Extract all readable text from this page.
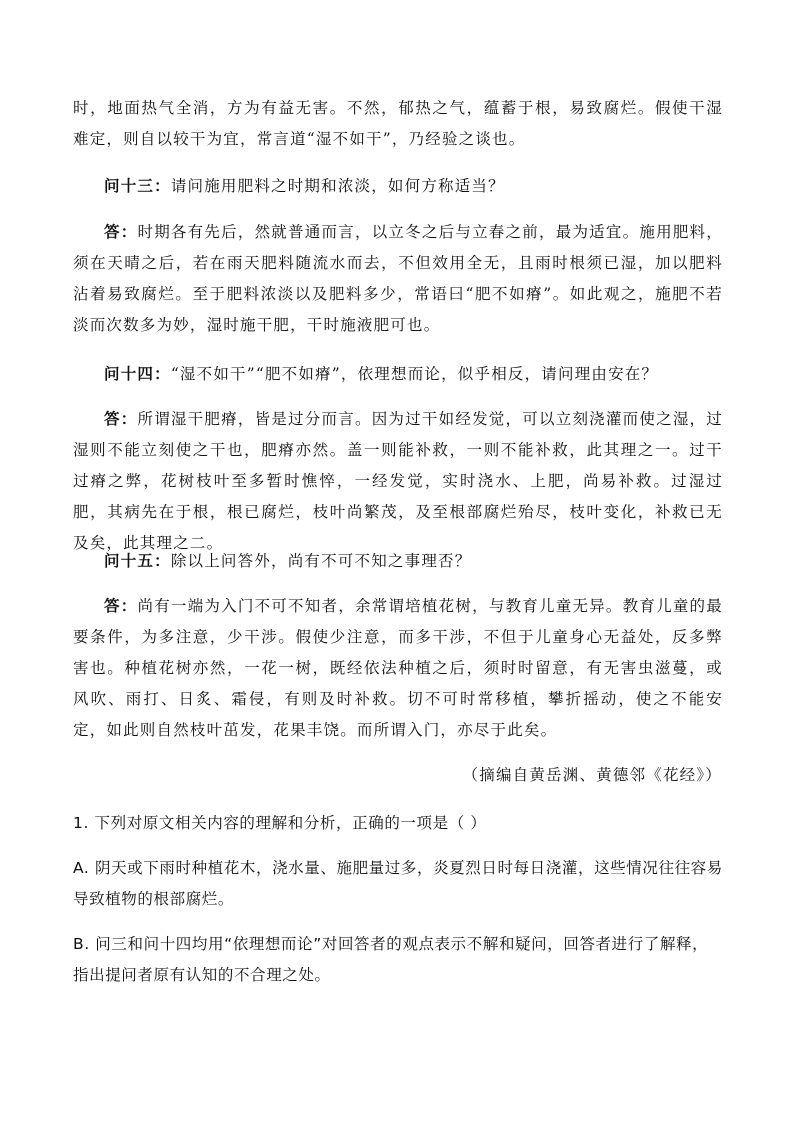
时，地面热气全消，方为有益无害。不然，郁热之气，蕴蓄于根，易致腐烂。假使干湿难定，则自以较干为宜，常言道“湿不如干”，乃经验之谈也。

问十三：请问施用肥料之时期和浓淡，如何方称适当？

答：时期各有先后，然就普通而言，以立冬之后与立春之前，最为适宜。施用肥料，须在天晴之后，若在雨天肥料随流水而去，不但效用全无，且雨时根须已湿，加以肥料沾着易致腐烂。至于肥料浓淡以及肥料多少，常语曰“肥不如瘠”。如此观之，施肥不若淡而次数多为妙，湿时施干肥，干时施液肥可也。

问十四：“湿不如干”“肥不如瘠”，依理想而论，似乎相反，请问理由安在？

答：所谓湿干肥瘠，皆是过分而言。因为过干如经发觉，可以立刻浇灌而使之湿，过湿则不能立刻使之干也，肥瘠亦然。盖一则能补救，一则不能补救，此其理之一。过干过瘠之弊，花树枝叶至多暂时憔悴，一经发觉，实时浇水、上肥，尚易补救。过湿过肥，其病先在于根，根已腐烂，枝叶尚繁茂，及至根部腐烂殆尽，枝叶变化，补救已无及矣，此其理之二。

问十五：除以上问答外，尚有不可不知之事理否？

答：尚有一端为入门不可不知者，余常谓培植花树，与教育儿童无异。教育儿童的最要条件，为多注意，少干涉。假使少注意，而多干涉，不但于儿童身心无益处，反多弊害也。种植花树亦然，一花一树，既经依法种植之后，须时时留意，有无害虫滋蔓，或风吹、雨打、日炙、霜侵，有则及时补救。切不可时常移植，攀折摇动，使之不能安定，如此则自然枝叶茁发，花果丰饶。而所谓入门，亦尽于此矣。

（摘编自黄岳渊、黄德邻《花经》）

1. 下列对原文相关内容的理解和分析，正确的一项是（ ）

A. 阴天或下雨时种植花木，浇水量、施肥量过多，炎夏烈日时每日浇灌，这些情况往往容易导致植物的根部腐烂。

B. 问三和问十四均用“依理想而论”对回答者的观点表示不解和疑问，回答者进行了解释，指出提问者原有认知的不合理之处。
